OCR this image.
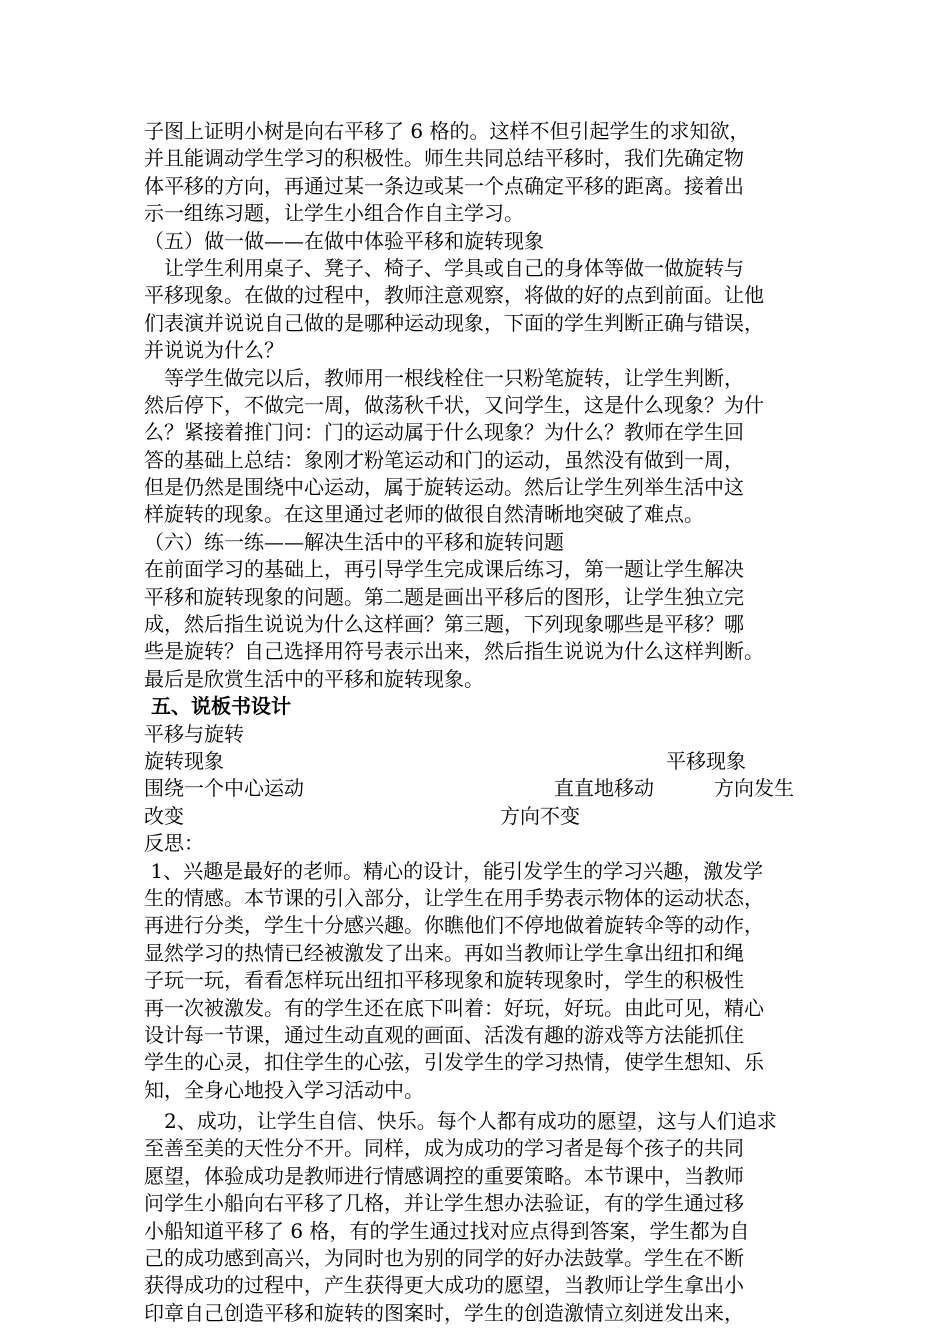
子图上证明小树是向右平移了 6 格的。这样不但引起学生的求知欲，
并且能调动学生学习的积极性。师生共同总结平移时，我们先确定物
体平移的方向，再通过某一条边或某一个点确定平移的距离。接着出
示一组练习题，让学生小组合作自主学习。
（五）做一做——在做中体验平移和旋转现象
　让学生利用桌子、凳子、椅子、学具或自己的身体等做一做旋转与
平移现象。在做的过程中，教师注意观察，将做的好的点到前面。让他
们表演并说说自己做的是哪种运动现象，下面的学生判断正确与错误，
并说说为什么？
　等学生做完以后，教师用一根线栓住一只粉笔旋转，让学生判断，
然后停下，不做完一周，做荡秋千状，又问学生，这是什么现象？为什
么？紧接着推门问：门的运动属于什么现象？为什么？教师在学生回
答的基础上总结：象刚才粉笔运动和门的运动，虽然没有做到一周，
但是仍然是围绕中心运动，属于旋转运动。然后让学生列举生活中这
样旋转的现象。在这里通过老师的做很自然清晰地突破了难点。
（六）练一练——解决生活中的平移和旋转问题
在前面学习的基础上，再引导学生完成课后练习，第一题让学生解决
平移和旋转现象的问题。第二题是画出平移后的图形，让学生独立完
成，然后指生说说为什么这样画？第三题，下列现象哪些是平移？哪
些是旋转？自己选择用符号表示出来，然后指生说说为什么这样判断。
最后是欣赏生活中的平移和旋转现象。
五、说板书设计
平移与旋转

旋转现象

	平移现象

围绕一个中心运动

	直直地移动

	方向发生

改变

	方向不变

反思：
1、兴趣是最好的老师。精心的设计，能引发学生的学习兴趣，激发学
生的情感。本节课的引入部分，让学生在用手势表示物体的运动状态，
再进行分类，学生十分感兴趣。你瞧他们不停地做着旋转伞等的动作，
显然学习的热情已经被激发了出来。再如当教师让学生拿出纽扣和绳
子玩一玩，看看怎样玩出纽扣平移现象和旋转现象时，学生的积极性
再一次被激发。有的学生还在底下叫着：好玩，好玩。由此可见，精心
设计每一节课，通过生动直观的画面、活泼有趣的游戏等方法能抓住
学生的心灵，扣住学生的心弦，引发学生的学习热情，使学生想知、乐
知，全身心地投入学习活动中。
　2、成功，让学生自信、快乐。每个人都有成功的愿望，这与人们追求
至善至美的天性分不开。同样，成为成功的学习者是每个孩子的共同
愿望，体验成功是教师进行情感调控的重要策略。本节课中，当教师
问学生小船向右平移了几格，并让学生想办法验证，有的学生通过移
小船知道平移了 6 格，有的学生通过找对应点得到答案，学生都为自
己的成功感到高兴，为同时也为别的同学的好办法鼓掌。学生在不断
获得成功的过程中，产生获得更大成功的愿望，当教师让学生拿出小
印章自己创造平移和旋转的图案时，学生的创造激情立刻迸发出来，
